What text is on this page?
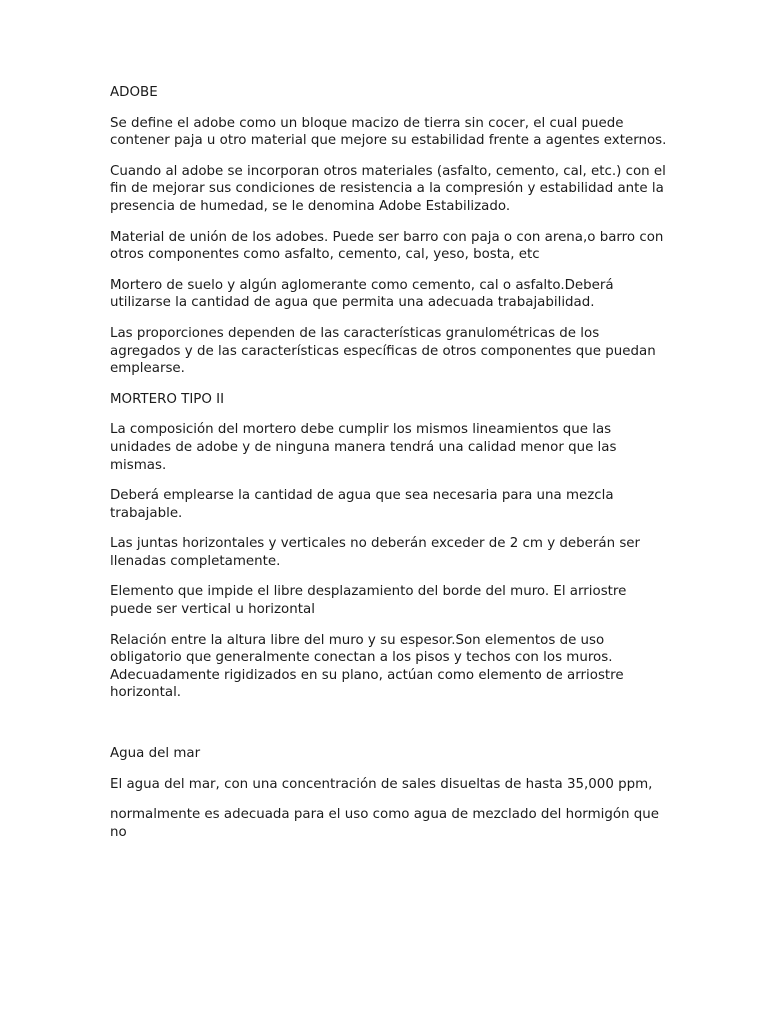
ADOBE

Se define el adobe como un bloque macizo de tierra sin cocer, el cual puede contener paja u otro material que mejore su estabilidad frente a agentes externos.

Cuando al adobe se incorporan otros materiales (asfalto, cemento, cal, etc.) con el fin de mejorar sus condiciones de resistencia a la compresión y estabilidad ante la presencia de humedad, se le denomina Adobe Estabilizado.

Material de unión de los adobes. Puede ser barro con paja o con arena,o barro con otros componentes como asfalto, cemento, cal, yeso, bosta, etc

Mortero de suelo y algún aglomerante como cemento, cal o asfalto.Deberá utilizarse la cantidad de agua que permita una adecuada trabajabilidad.

Las proporciones dependen de las características granulométricas de los agregados y de las características específicas de otros componentes que puedan emplearse.

MORTERO TIPO II

La composición del mortero debe cumplir los mismos lineamientos que las unidades de adobe y de ninguna manera tendrá una calidad menor que las mismas.

Deberá emplearse la cantidad de agua que sea necesaria para una mezcla trabajable.

Las juntas horizontales y verticales no deberán exceder de 2 cm y deberán ser llenadas completamente.

Elemento que impide el libre desplazamiento del borde del muro. El arriostre puede ser vertical u horizontal

Relación entre la altura libre del muro y su espesor.Son elementos de uso obligatorio que generalmente conectan a los pisos y techos con los muros. Adecuadamente rigidizados en su plano, actúan como elemento de arriostre horizontal.

Agua del mar

El agua del mar, con una concentración de sales disueltas de hasta 35,000 ppm,

normalmente es adecuada para el uso como agua de mezclado del hormigón que no
